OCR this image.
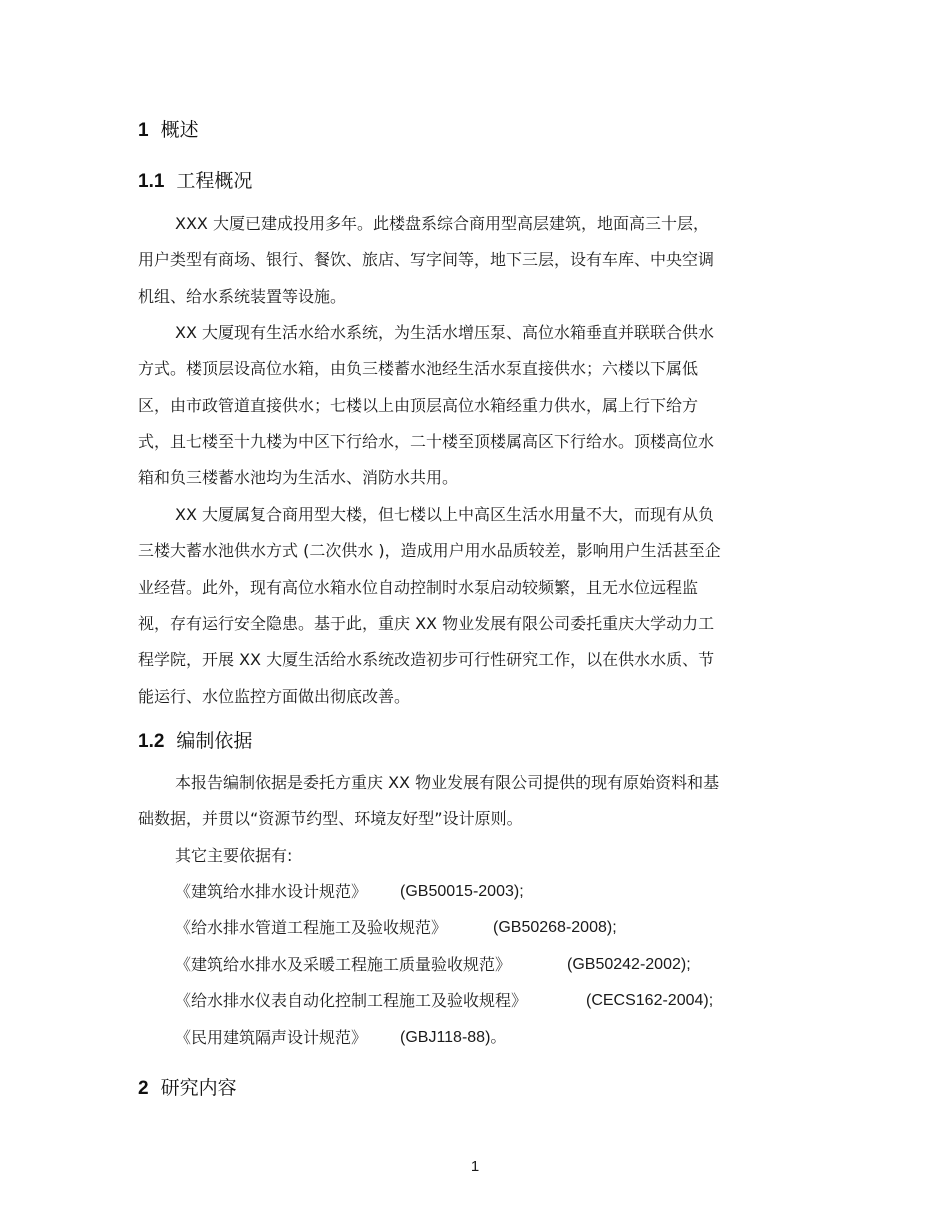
1 概述
1.1 工程概况
XXX 大厦已建成投用多年。此楼盘系综合商用型高层建筑，地面高三十层，
用户类型有商场、银行、餐饮、旅店、写字间等，地下三层，设有车库、中央空调
机组、给水系统装置等设施。
XX 大厦现有生活水给水系统，为生活水增压泵、高位水箱垂直并联联合供水
方式。楼顶层设高位水箱，由负三楼蓄水池经生活水泵直接供水；六楼以下属低
区，由市政管道直接供水；七楼以上由顶层高位水箱经重力供水，属上行下给方
式，且七楼至十九楼为中区下行给水，二十楼至顶楼属高区下行给水。顶楼高位水
箱和负三楼蓄水池均为生活水、消防水共用。
XX 大厦属复合商用型大楼，但七楼以上中高区生活水用量不大，而现有从负
三楼大蓄水池供水方式 (二次供水 )，造成用户用水品质较差，影响用户生活甚至企
业经营。此外，现有高位水箱水位自动控制时水泵启动较频繁，且无水位远程监
视，存有运行安全隐患。基于此，重庆 XX 物业发展有限公司委托重庆大学动力工
程学院，开展 XX 大厦生活给水系统改造初步可行性研究工作，以在供水水质、节
能运行、水位监控方面做出彻底改善。
1.2 编制依据
本报告编制依据是委托方重庆 XX 物业发展有限公司提供的现有原始资料和基
础数据，并贯以“资源节约型、环境友好型”设计原则。
其它主要依据有:
《建筑给水排水设计规范》 (GB50015-2003);
《给水排水管道工程施工及验收规范》	(GB50268-2008);
《建筑给水排水及采暖工程施工质量验收规范》	(GB50242-2002);
《给水排水仪表自动化控制工程施工及验收规程》	(CECS162-2004);
《民用建筑隔声设计规范》 (GBJ118-88)。
2 研究内容
1
